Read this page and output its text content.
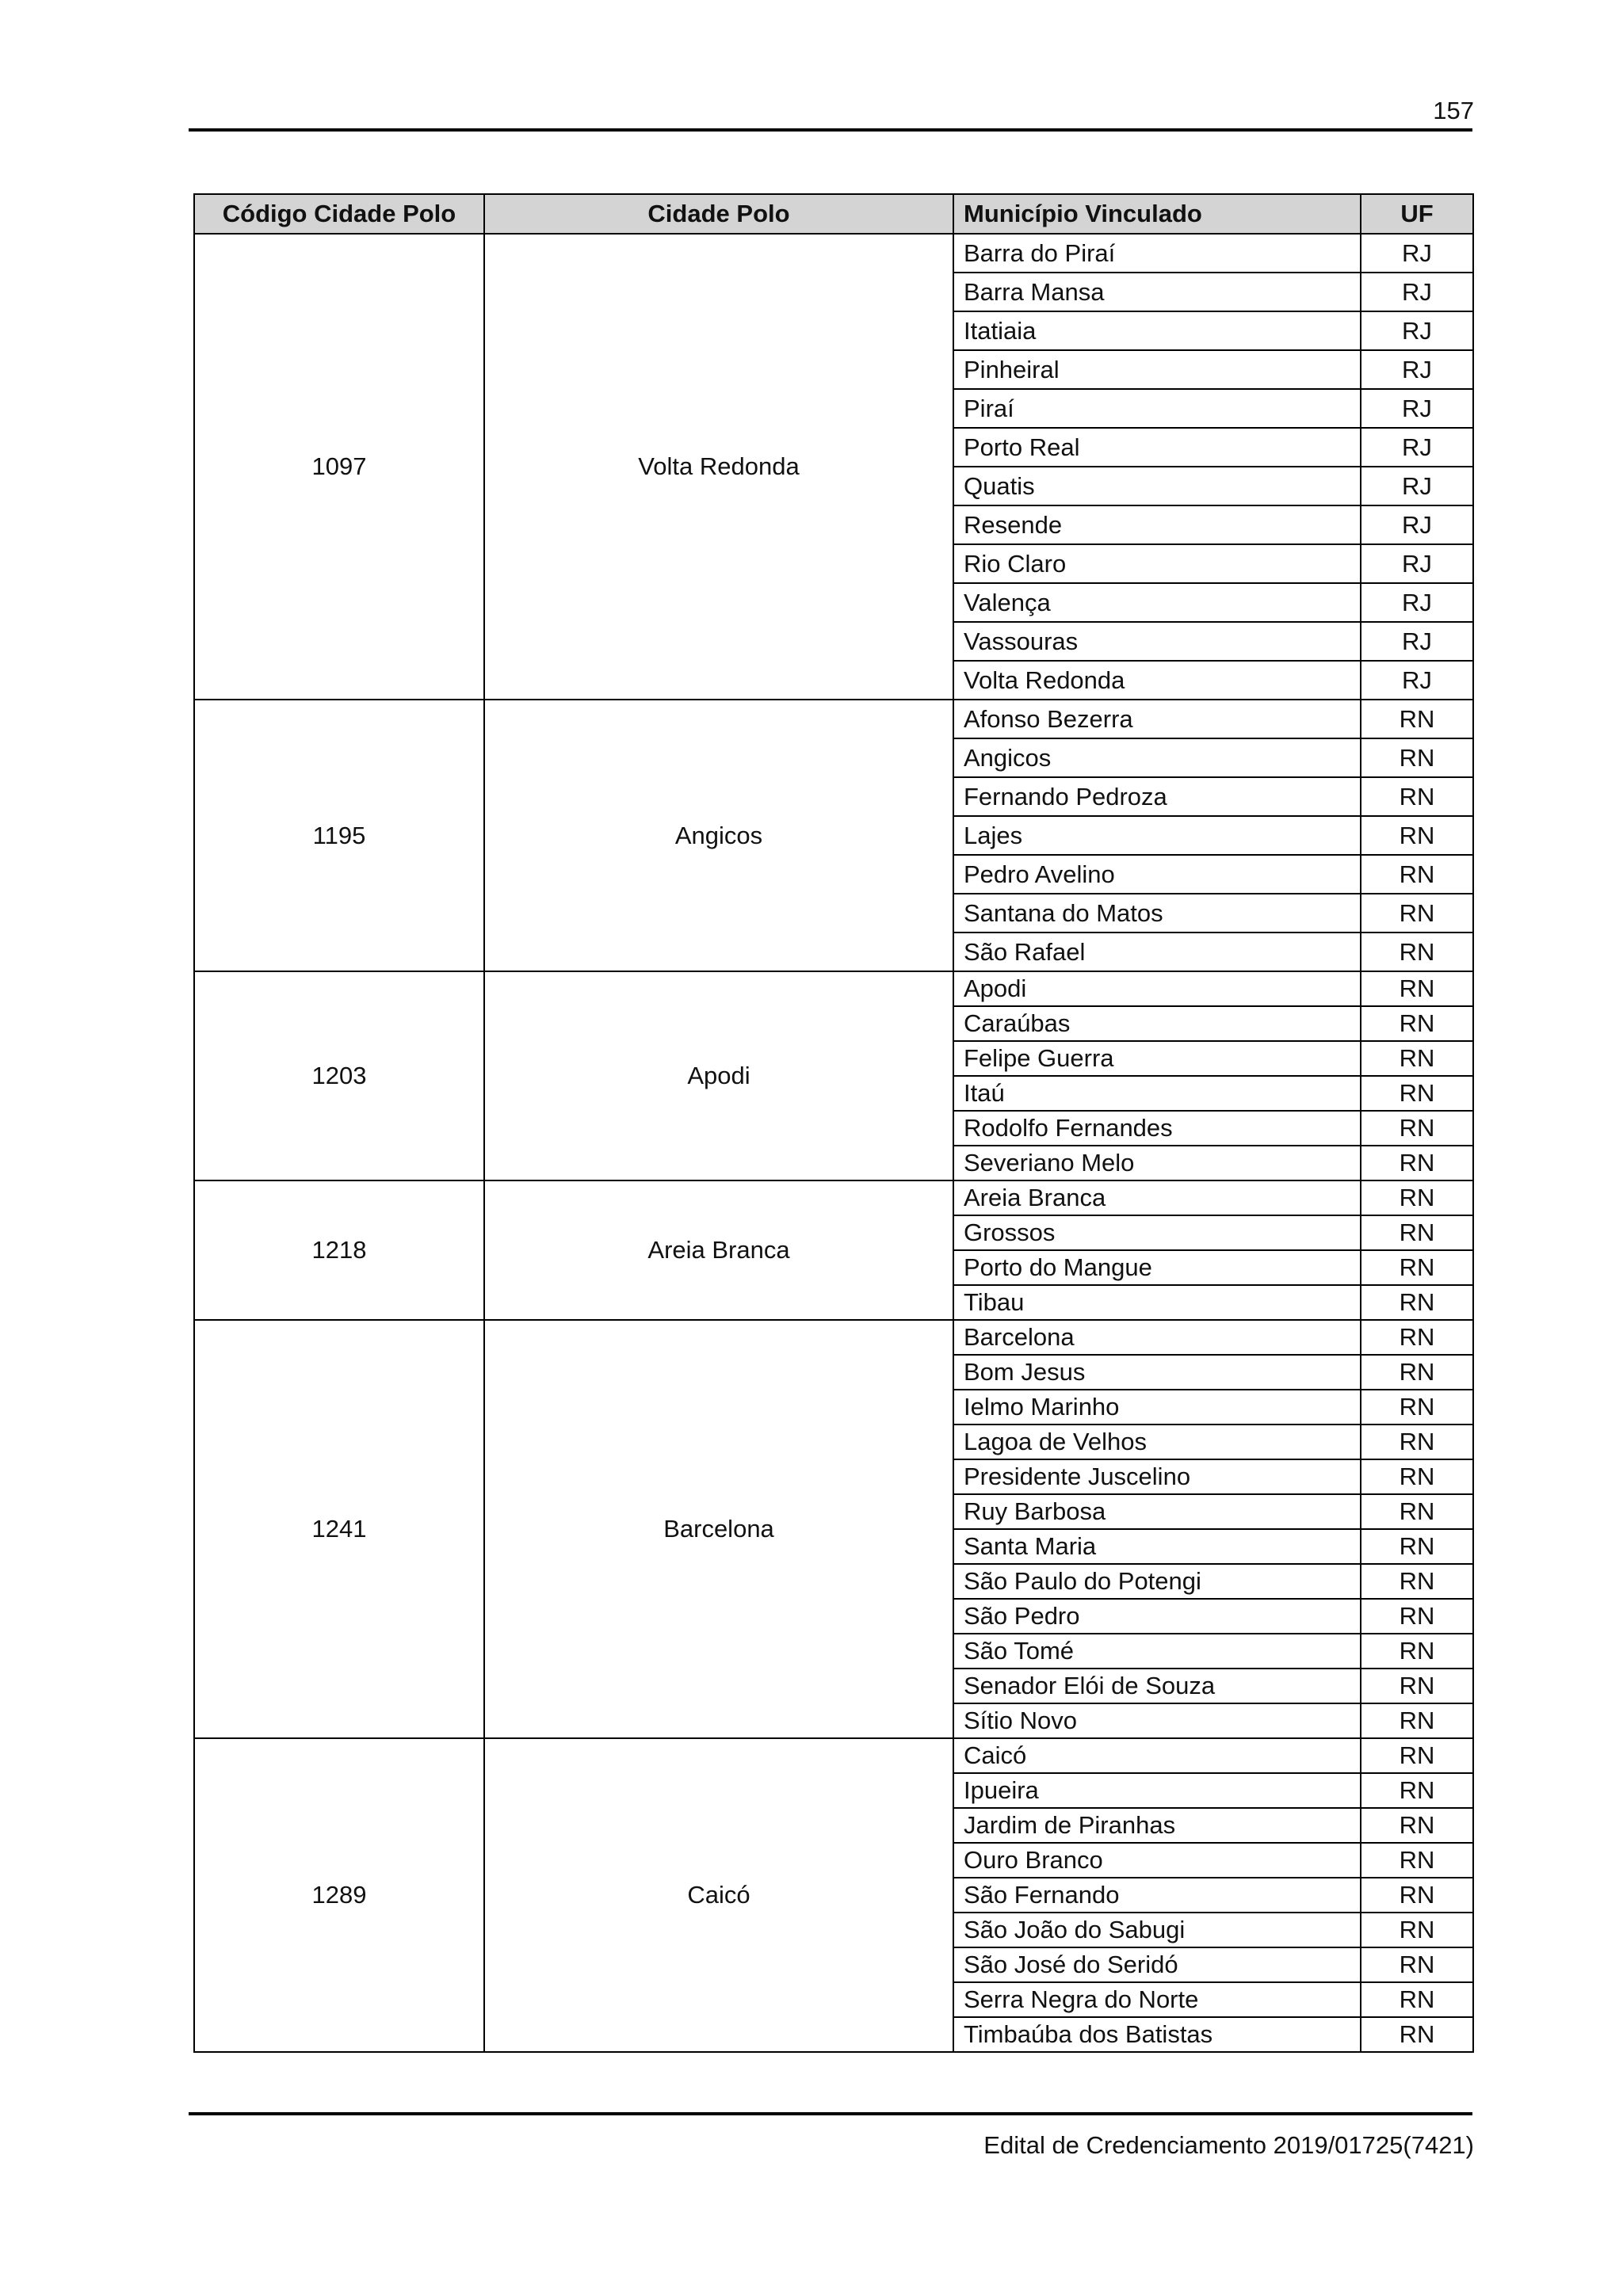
157
Código Cidade Polo	Cidade Polo	Município Vinculado	UF
1097	Volta Redonda	Barra do Piraí	RJ
		Barra Mansa	RJ
		Itatiaia	RJ
		Pinheiral	RJ
		Piraí	RJ
		Porto Real	RJ
		Quatis	RJ
		Resende	RJ
		Rio Claro	RJ
		Valença	RJ
		Vassouras	RJ
		Volta Redonda	RJ
1195	Angicos	Afonso Bezerra	RN
		Angicos	RN
		Fernando Pedroza	RN
		Lajes	RN
		Pedro Avelino	RN
		Santana do Matos	RN
		São Rafael	RN
1203	Apodi	Apodi	RN
		Caraúbas	RN
		Felipe Guerra	RN
		Itaú	RN
		Rodolfo Fernandes	RN
		Severiano Melo	RN
1218	Areia Branca	Areia Branca	RN
		Grossos	RN
		Porto do Mangue	RN
		Tibau	RN
1241	Barcelona	Barcelona	RN
		Bom Jesus	RN
		Ielmo Marinho	RN
		Lagoa de Velhos	RN
		Presidente Juscelino	RN
		Ruy Barbosa	RN
		Santa Maria	RN
		São Paulo do Potengi	RN
		São Pedro	RN
		São Tomé	RN
		Senador Elói de Souza	RN
		Sítio Novo	RN
1289	Caicó	Caicó	RN
		Ipueira	RN
		Jardim de Piranhas	RN
		Ouro Branco	RN
		São Fernando	RN
		São João do Sabugi	RN
		São José do Seridó	RN
		Serra Negra do Norte	RN
		Timbaúba dos Batistas	RN
Edital de Credenciamento 2019/01725(7421)
